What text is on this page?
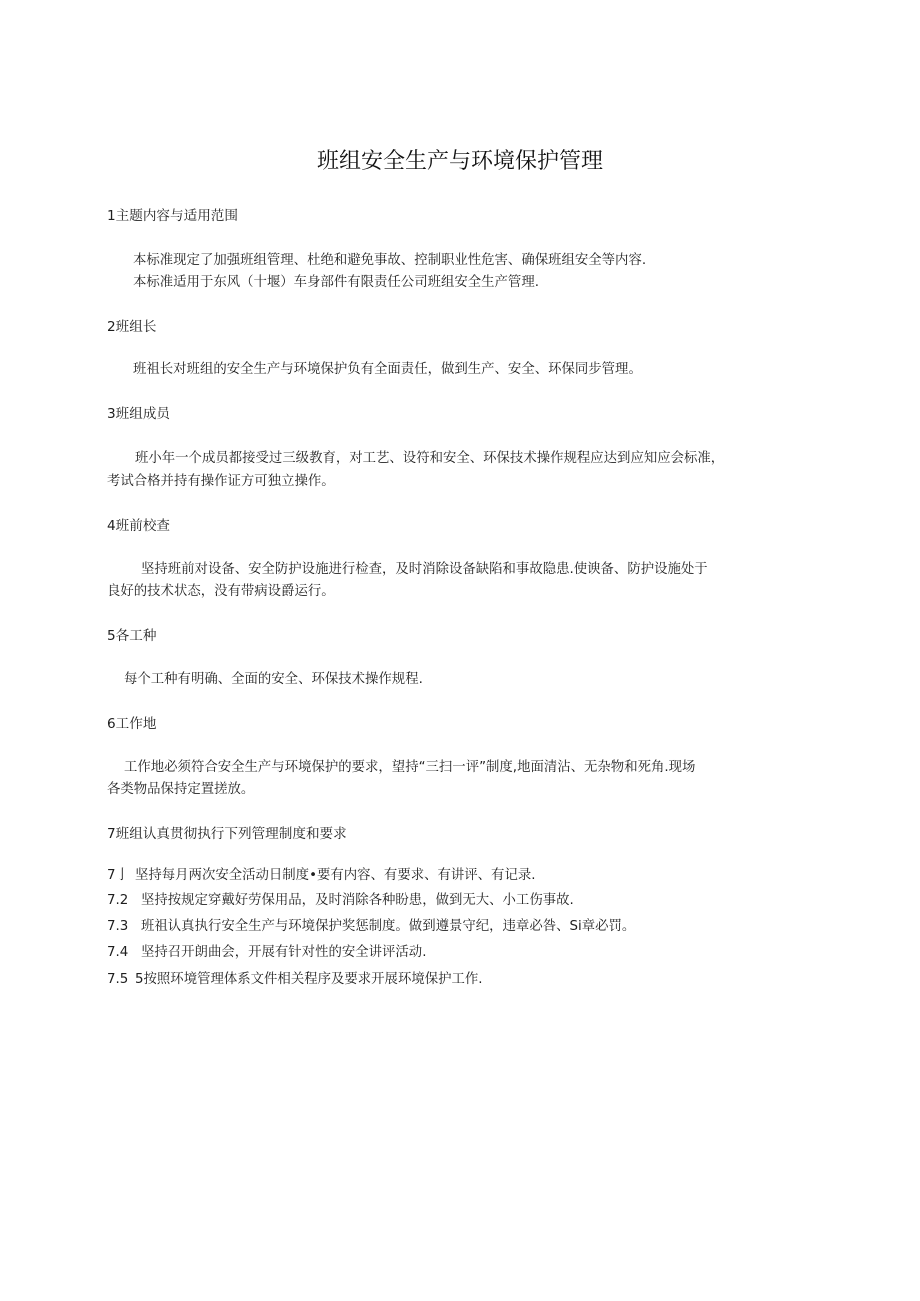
班组安全生产与环境保护管理
1主题内容与适用范围
本标准现定了加强班组管理、杜绝和避免事故、控制职业性危害、确保班组安全等内容.
本标准适用于东风（十堰）车身部件有限责任公司班组安全生产管理.
2班组长
班祖长对班组的安全生产与环境保护负有全面责任，做到生产、安全、环保同步管理。
3班组成员
班小年一个成员都接受过三级教育，对工艺、设符和安全、环保技术操作规程应达到应知应会标准，
考试合格并持有操作证方可独立操作。
4班前校查
坚持班前对设备、安全防护设施进行检查，及时消除设备缺陷和事故隐患.使谀备、防护设施处于
良好的技术状态，没有带病设爵运行。
5各工种
每个工种有明确、全面的安全、环保技术操作规程.
6工作地
工作地必须符合安全生产与环境保护的要求，望持“三扫一评”制度,地面清沾、无杂物和死角.现场
各类物品保持定置搓放。
7班组认真贯彻执行下列管理制度和要求
7亅 坚持每月两次安全活动日制度•要有内容、有要求、有讲评、有记录.
7.2 坚持按规定穿戴好劳保用品，及时消除各种盼患，做到无大、小工伤事故.
7.3 班祖认真执行安全生产与环境保护奖惩制度。做到遵景守纪，违章必咎、Si章必罚。
7.4 坚持召开朗曲会，开展有针对性的安全讲评活动.
7.5 5按照环境管理体系文件相关程序及要求开展环境保护工作.
